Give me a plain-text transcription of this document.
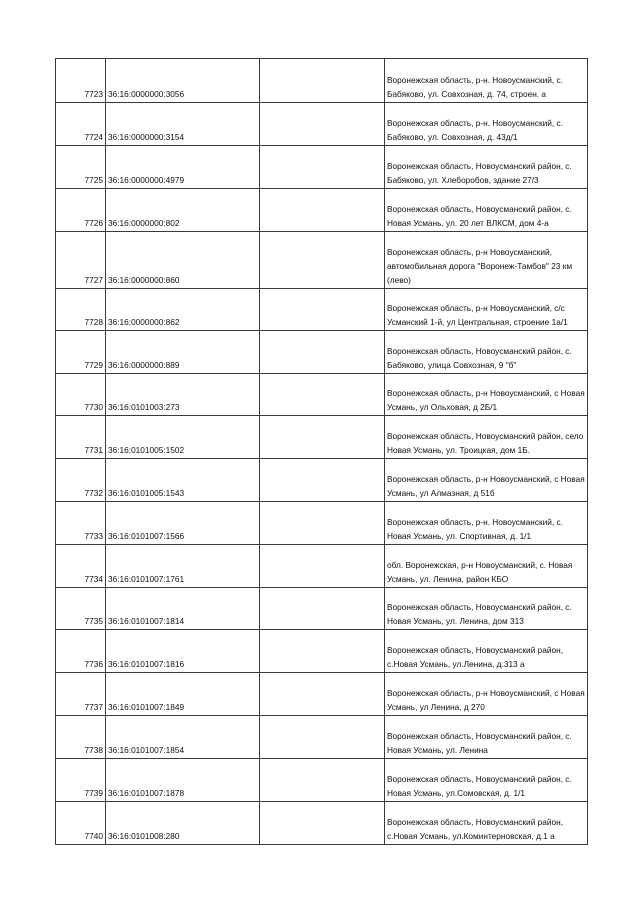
7723	36:16:0000000:3056		Воронежская область, р-н. Новоусманский, с. Бабяково, ул. Совхозная, д. 74, строен. а
7724	36:16:0000000:3154		Воронежская область, р-н. Новоусманский, с. Бабяково, ул. Совхозная, д. 43д/1
7725	36:16:0000000:4979		Воронежская область, Новоусманский район, с. Бабяково, ул. Хлеборобов, здание 27/3
7726	36:16:0000000:802		Воронежская область, Новоусманский район, с. Новая Усмань, ул. 20 лет ВЛКСМ, дом 4-а
7727	36:16:0000000:860		Воронежская область, р-н Новоусманский, автомобильная дорога "Воронеж-Тамбов" 23 км (лево)
7728	36:16:0000000:862		Воронежская область, р-н Новоусманский, с/с Усманский 1-й, ул Центральная, строение 1а/1
7729	36:16:0000000:889		Воронежская область, Новоусманский район, с. Бабяково, улица Совхозная, 9 "б"
7730	36:16:0101003:273		Воронежская область, р-н Новоусманский, с Новая Усмань, ул Ольховая, д 2Б/1
7731	36:16:0101005:1502		Воронежская область, Новоусманский район, село Новая Усмань, ул. Троицкая, дом 1Б.
7732	36:16:0101005:1543		Воронежская область, р-н Новоусманский, с Новая Усмань, ул Алмазная, д 51б
7733	36:16:0101007:1566		Воронежская область, р-н. Новоусманский, с. Новая Усмань, ул. Спортивная, д. 1/1
7734	36:16:0101007:1761		обл. Воронежская, р-н Новоусманский, с. Новая Усмань, ул. Ленина, район КБО
7735	36:16:0101007:1814		Воронежская область, Новоусманский район, с. Новая Усмань, ул. Ленина, дом 313
7736	36:16:0101007:1816		Воронежская область, Новоусманский район, с.Новая Усмань, ул.Ленина, д.313 а
7737	36:16:0101007:1849		Воронежская область, р-н Новоусманский, с Новая Усмань, ул Ленина, д 270
7738	36:16:0101007:1854		Воронежская область, Новоусманский район, с. Новая Усмань, ул. Ленина
7739	36:16:0101007:1878		Воронежская область, Новоусманский район, с. Новая Усмань, ул.Сомовская, д. 1/1
7740	36:16:0101008:280		Воронежская область, Новоусманский район, с.Новая Усмань, ул.Коминтерновская, д.1 а
